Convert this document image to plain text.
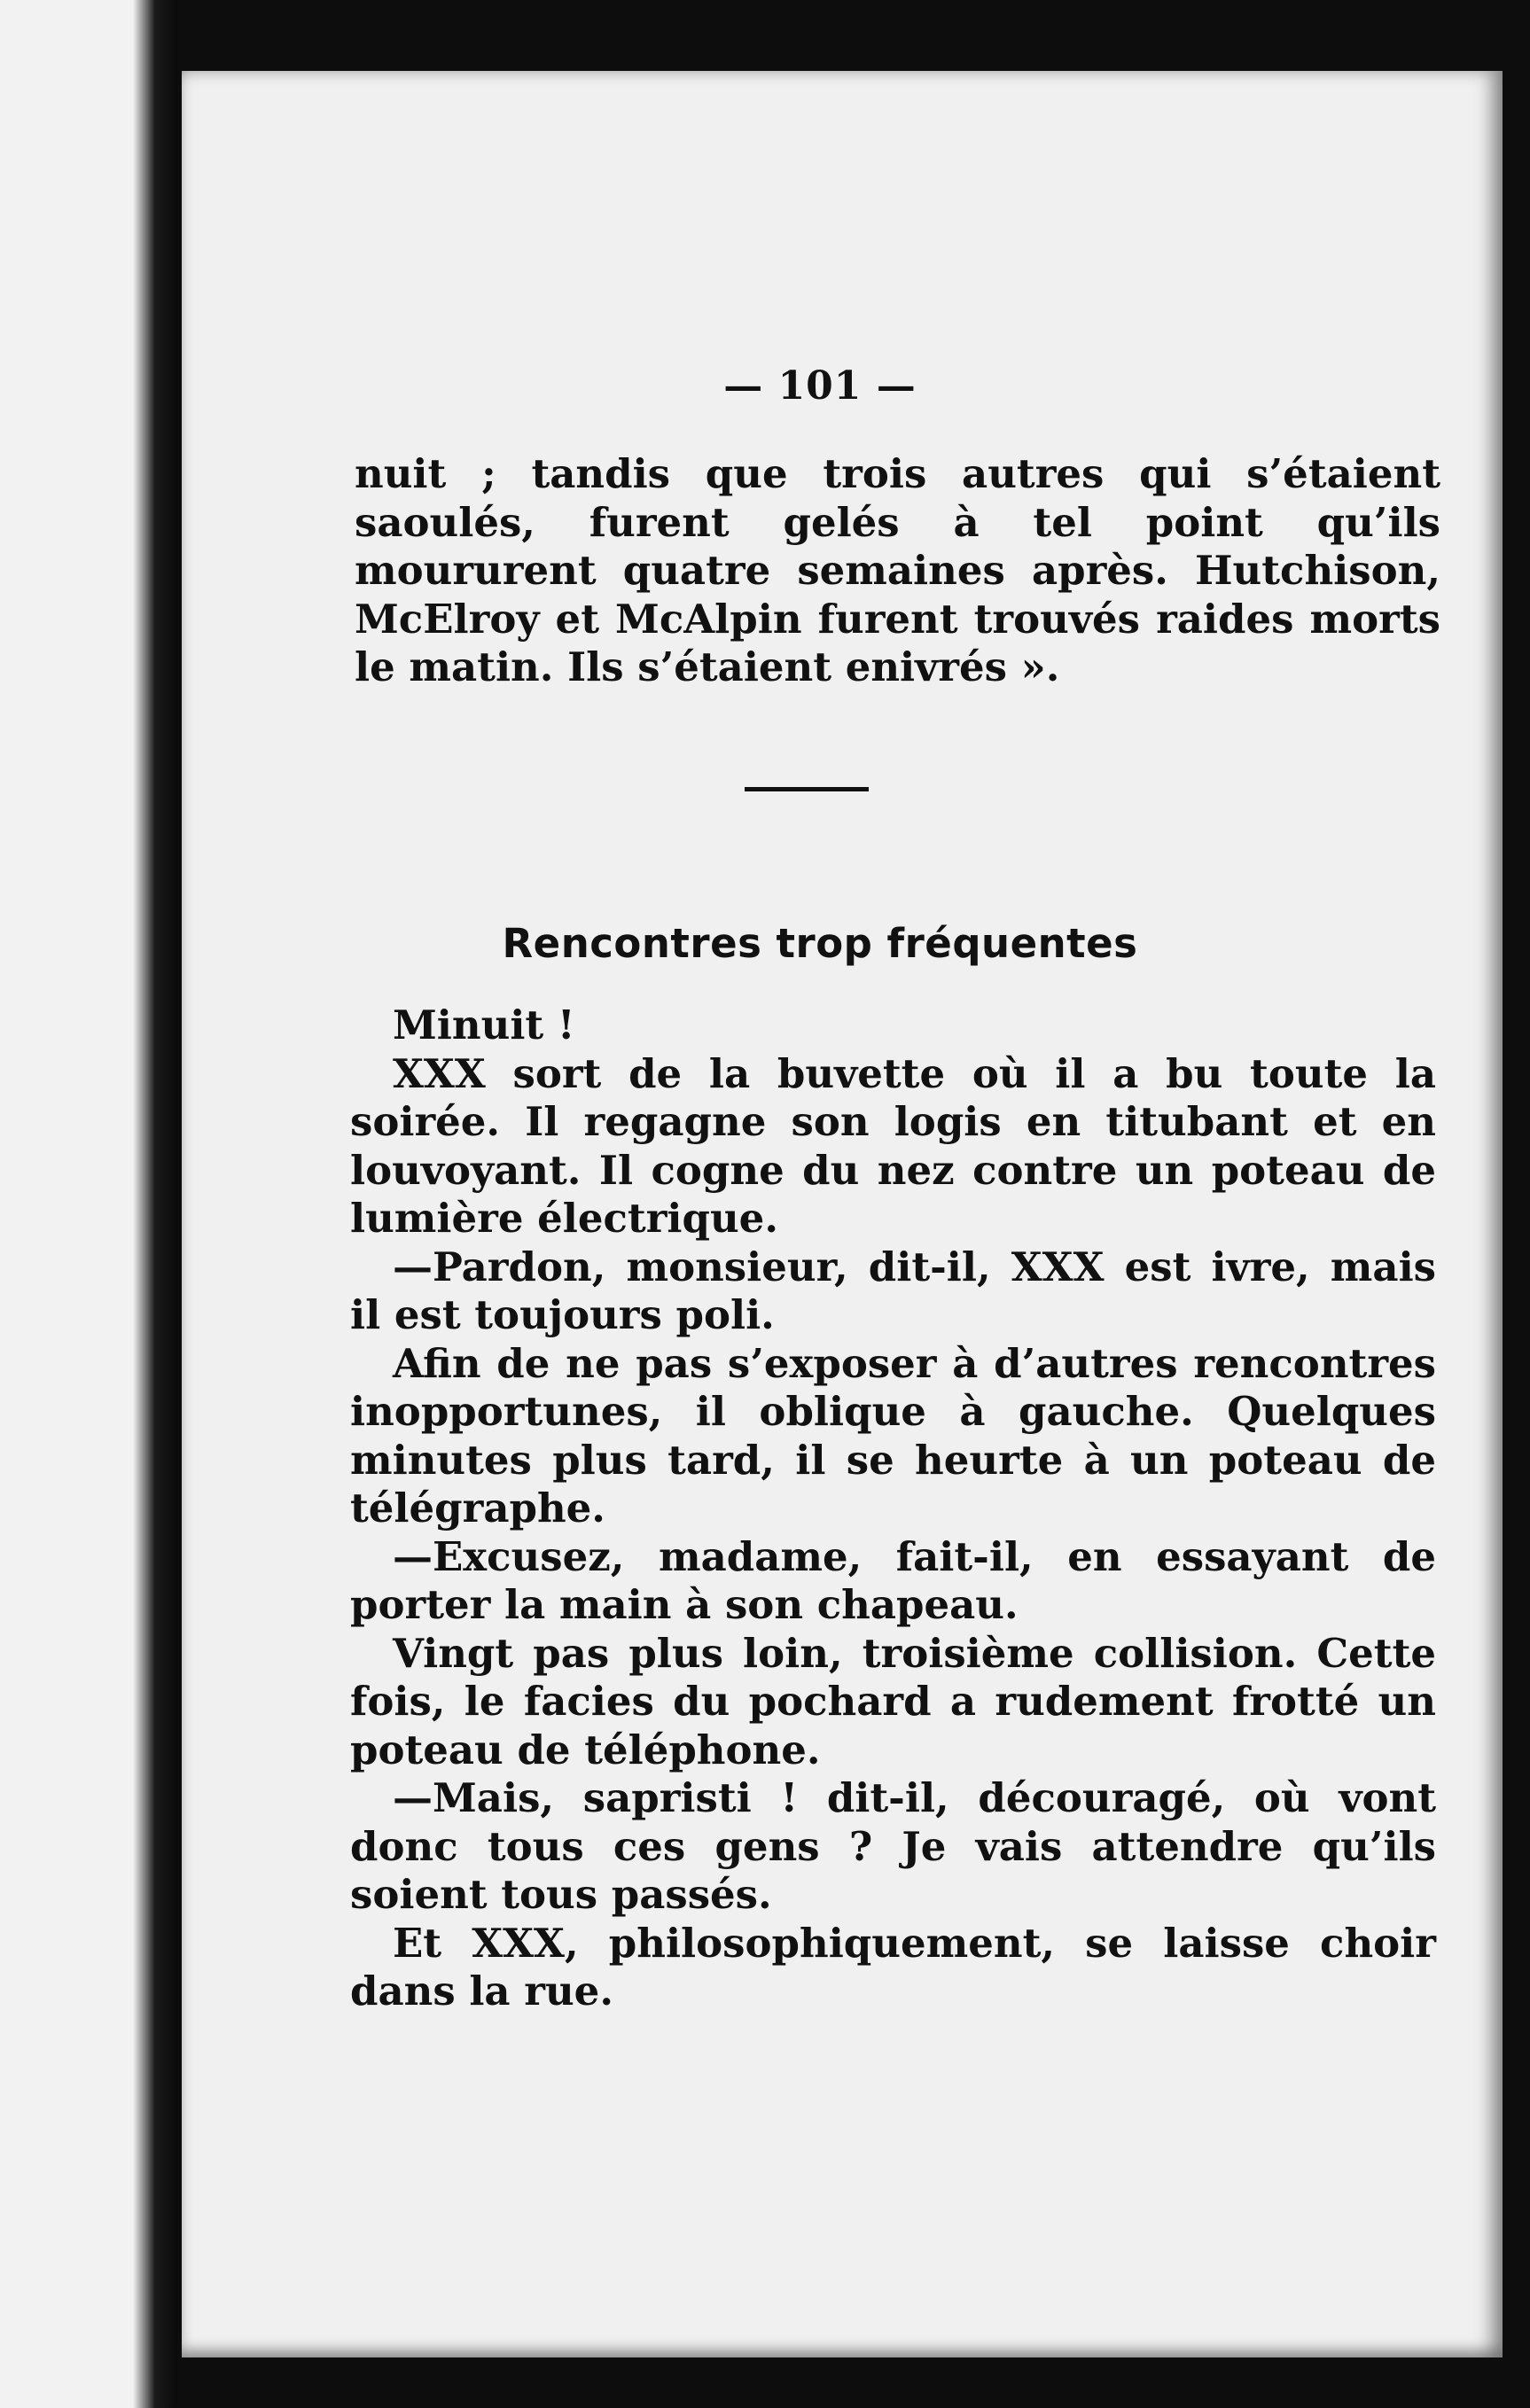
— 101 —

nuit ; tandis que trois autres qui s’étaient saoulés, furent gelés à tel point qu’ils moururent quatre semaines après. Hutchison, McElroy et McAlpin furent trouvés raides morts le matin. Ils s’étaient enivrés ».

Rencontres trop fréquentes

Minuit !

XXX sort de la buvette où il a bu toute la soirée. Il regagne son logis en titubant et en louvoyant. Il cogne du nez contre un poteau de lumière électrique.

—Pardon, monsieur, dit-il, XXX est ivre, mais il est toujours poli.

Afin de ne pas s’exposer à d’autres rencontres inopportunes, il oblique à gauche. Quelques minutes plus tard, il se heurte à un poteau de télégraphe.

—Excusez, madame, fait-il, en essayant de porter la main à son chapeau.

Vingt pas plus loin, troisième collision. Cette fois, le facies du pochard a rudement frotté un poteau de téléphone.

—Mais, sapristi ! dit-il, découragé, où vont donc tous ces gens ? Je vais attendre qu’ils soient tous passés.

Et XXX, philosophiquement, se laisse choir dans la rue.
